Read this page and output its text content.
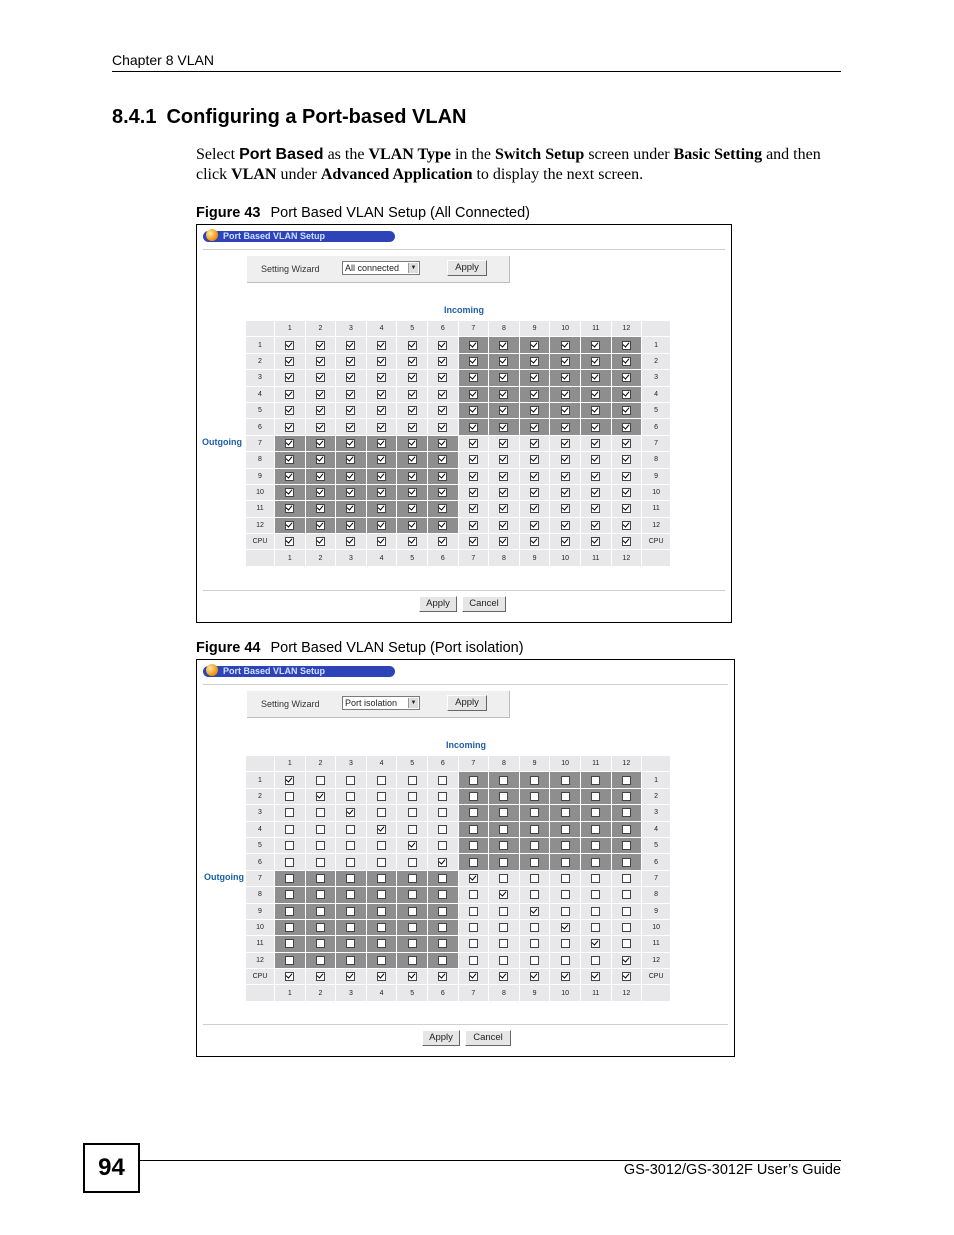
Chapter 8 VLAN
8.4.1 Configuring a Port-based VLAN
Select Port Based as the VLAN Type in the Switch Setup screen under Basic Setting and then click VLAN under Advanced Application to display the next screen.
Figure 43 Port Based VLAN Setup (All Connected)
Port Based VLAN Setup
Setting Wizard	All connected	▼	Apply
Incoming
Outgoing
	1	2	3	4	5	6	7	8	9	10	11	12	
1													1
2													2
3													3
4													4
5													5
6													6
7													7
8													8
9													9
10													10
11													11
12													12
CPU													CPU
	1	2	3	4	5	6	7	8	9	10	11	12	
Apply	Cancel
Figure 44 Port Based VLAN Setup (Port isolation)
Port Based VLAN Setup
Setting Wizard	Port isolation	▼	Apply
Incoming
Outgoing
	1	2	3	4	5	6	7	8	9	10	11	12	
1													1
2													2
3													3
4													4
5													5
6													6
7													7
8													8
9													9
10													10
11													11
12													12
CPU													CPU
	1	2	3	4	5	6	7	8	9	10	11	12	
Apply	Cancel
94	GS-3012/GS-3012F User’s Guide
